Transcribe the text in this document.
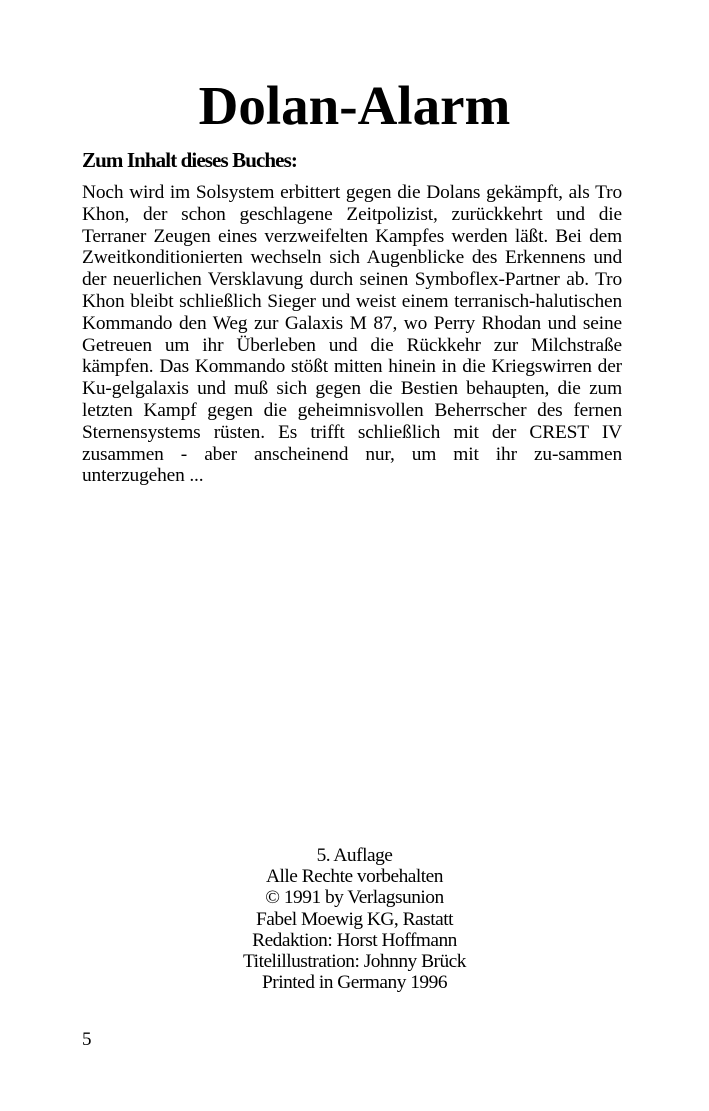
Dolan-Alarm
Zum Inhalt dieses Buches:

Noch wird im Solsystem erbittert gegen die Dolans gekämpft, als Tro Khon, der schon geschlagene Zeitpolizist, zurückkehrt und die Terraner Zeugen eines verzweifelten Kampfes werden läßt. Bei dem Zweitkonditionierten wechseln sich Augenblicke des Erkennens und der neuerlichen Versklavung durch seinen Symboflex-Partner ab. Tro Khon bleibt schließlich Sieger und weist einem terranisch-halutischen Kommando den Weg zur Galaxis M 87, wo Perry Rhodan und seine Getreuen um ihr Überleben und die Rückkehr zur Milchstraße kämpfen. Das Kommando stößt mitten hinein in die Kriegswirren der Ku-gelgalaxis und muß sich gegen die Bestien behaupten, die zum letzten Kampf gegen die geheimnisvollen Beherrscher des fernen Sternensystems rüsten. Es trifft schließlich mit der CREST IV zusammen - aber anscheinend nur, um mit ihr zu-sammen unterzugehen ...

5. Auflage
Alle Rechte vorbehalten
© 1991 by Verlagsunion
Fabel Moewig KG, Rastatt
Redaktion: Horst Hoffmann
Titelillustration: Johnny Brück
Printed in Germany 1996
5
